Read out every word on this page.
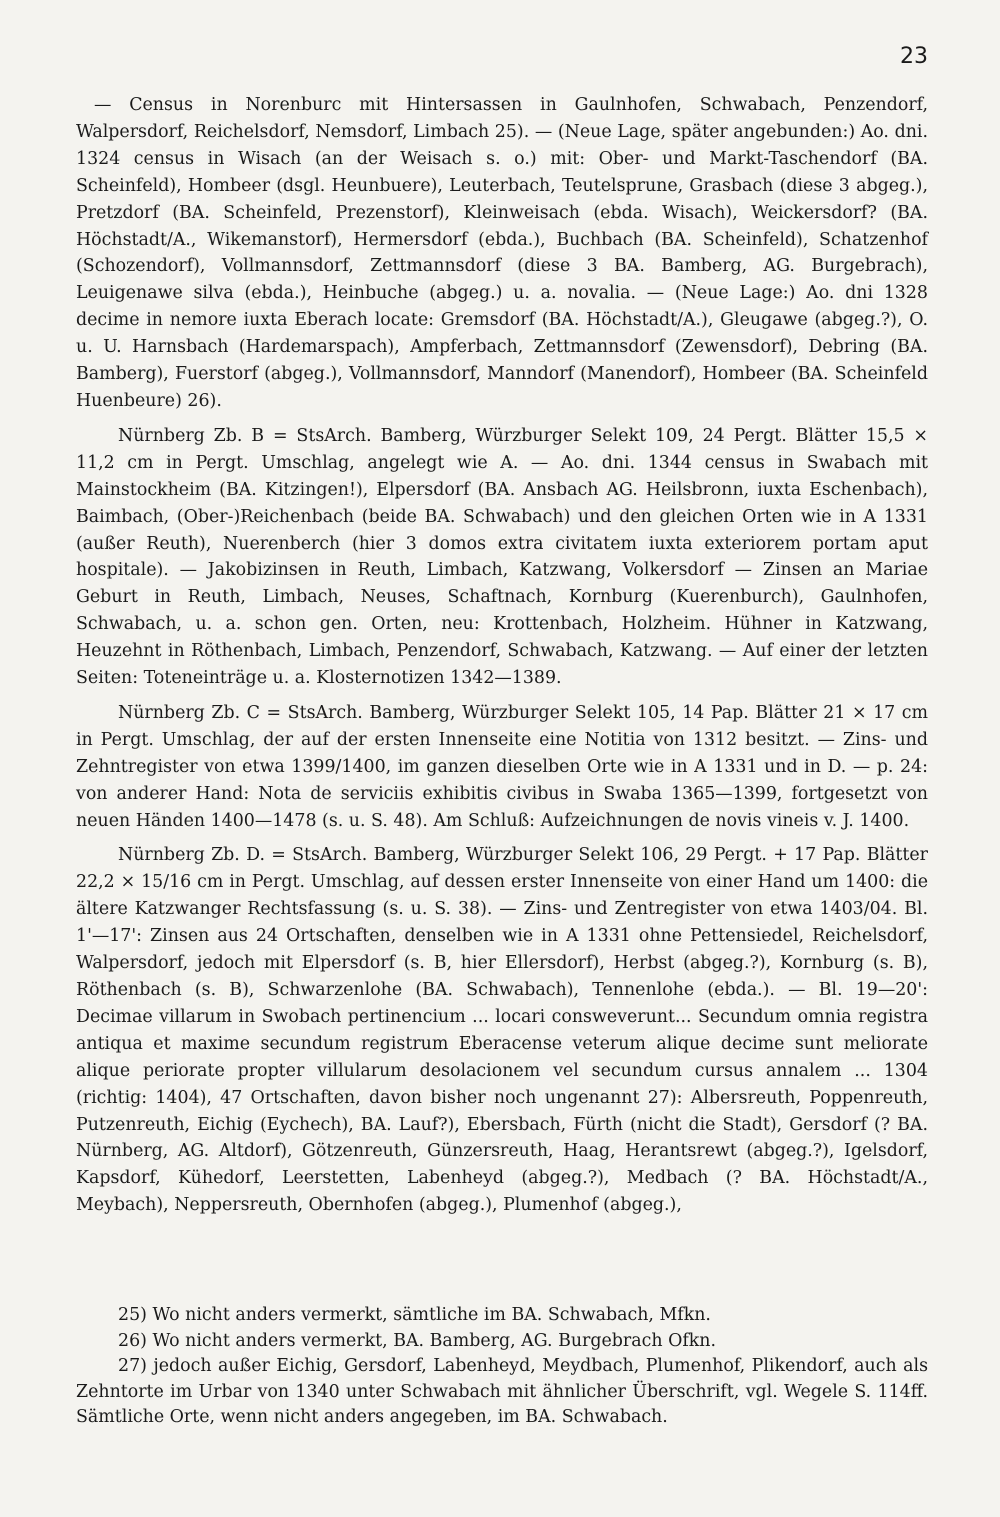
23

— Census in Norenburc mit Hintersassen in Gaulnhofen, Schwabach, Penzendorf, Walpersdorf, Reichelsdorf, Nemsdorf, Limbach 25). — (Neue Lage, später angebunden:) Ao. dni. 1324 census in Wisach (an der Weisach s. o.) mit: Ober- und Markt-Taschendorf (BA. Scheinfeld), Hombeer (dsgl. Heunbuere), Leuterbach, Teutelsprune, Grasbach (diese 3 abgeg.), Pretzdorf (BA. Scheinfeld, Prezenstorf), Kleinweisach (ebda. Wisach), Weickersdorf? (BA. Höchstadt/A., Wikemanstorf), Hermersdorf (ebda.), Buchbach (BA. Scheinfeld), Schatzenhof (Schozendorf), Vollmannsdorf, Zettmannsdorf (diese 3 BA. Bamberg, AG. Burgebrach), Leuigenawe silva (ebda.), Heinbuche (abgeg.) u. a. novalia. — (Neue Lage:) Ao. dni 1328 decime in nemore iuxta Eberach locate: Gremsdorf (BA. Höchstadt/A.), Gleugawe (abgeg.?), O. u. U. Harnsbach (Hardemarspach), Ampferbach, Zettmannsdorf (Zewensdorf), Debring (BA. Bamberg), Fuerstorf (abgeg.), Vollmannsdorf, Manndorf (Manendorf), Hombeer (BA. Scheinfeld Huenbeure) 26).

Nürnberg Zb. B = StsArch. Bamberg, Würzburger Selekt 109, 24 Pergt. Blätter 15,5 × 11,2 cm in Pergt. Umschlag, angelegt wie A. — Ao. dni. 1344 census in Swabach mit Mainstockheim (BA. Kitzingen!), Elpersdorf (BA. Ansbach AG. Heilsbronn, iuxta Eschenbach), Baimbach, (Ober-)Reichenbach (beide BA. Schwabach) und den gleichen Orten wie in A 1331 (außer Reuth), Nuerenberch (hier 3 domos extra civitatem iuxta exteriorem portam aput hospitale). — Jakobizinsen in Reuth, Limbach, Katzwang, Volkersdorf — Zinsen an Mariae Geburt in Reuth, Limbach, Neuses, Schaftnach, Kornburg (Kuerenburch), Gaulnhofen, Schwabach, u. a. schon gen. Orten, neu: Krottenbach, Holzheim. Hühner in Katzwang, Heuzehnt in Röthenbach, Limbach, Penzendorf, Schwabach, Katzwang. — Auf einer der letzten Seiten: Toteneinträge u. a. Klosternotizen 1342—1389.

Nürnberg Zb. C = StsArch. Bamberg, Würzburger Selekt 105, 14 Pap. Blätter 21 × 17 cm in Pergt. Umschlag, der auf der ersten Innenseite eine Notitia von 1312 besitzt. — Zins- und Zehntregister von etwa 1399/1400, im ganzen dieselben Orte wie in A 1331 und in D. — p. 24: von anderer Hand: Nota de serviciis exhibitis civibus in Swaba 1365—1399, fortgesetzt von neuen Händen 1400—1478 (s. u. S. 48). Am Schluß: Aufzeichnungen de novis vineis v. J. 1400.

Nürnberg Zb. D. = StsArch. Bamberg, Würzburger Selekt 106, 29 Pergt. + 17 Pap. Blätter 22,2 × 15/16 cm in Pergt. Umschlag, auf dessen erster Innenseite von einer Hand um 1400: die ältere Katzwanger Rechtsfassung (s. u. S. 38). — Zins- und Zentregister von etwa 1403/04. Bl. 1'—17': Zinsen aus 24 Ortschaften, denselben wie in A 1331 ohne Pettensiedel, Reichelsdorf, Walpersdorf, jedoch mit Elpersdorf (s. B, hier Ellersdorf), Herbst (abgeg.?), Kornburg (s. B), Röthenbach (s. B), Schwarzenlohe (BA. Schwabach), Tennenlohe (ebda.). — Bl. 19—20': Decimae villarum in Swobach pertinencium ... locari consweverunt... Secundum omnia registra antiqua et maxime secundum registrum Eberacense veterum alique decime sunt meliorate alique periorate propter villularum desolacionem vel secundum cursus annalem ... 1304 (richtig: 1404), 47 Ortschaften, davon bisher noch ungenannt 27): Albersreuth, Poppenreuth, Putzenreuth, Eichig (Eychech), BA. Lauf?), Ebersbach, Fürth (nicht die Stadt), Gersdorf (? BA. Nürnberg, AG. Altdorf), Götzenreuth, Günzersreuth, Haag, Herantsrewt (abgeg.?), Igelsdorf, Kapsdorf, Kühedorf, Leerstetten, Labenheyd (abgeg.?), Medbach (? BA. Höchstadt/A., Meybach), Neppersreuth, Obernhofen (abgeg.), Plumenhof (abgeg.),

25) Wo nicht anders vermerkt, sämtliche im BA. Schwabach, Mfkn.

26) Wo nicht anders vermerkt, BA. Bamberg, AG. Burgebrach Ofkn.

27) jedoch außer Eichig, Gersdorf, Labenheyd, Meydbach, Plumenhof, Plikendorf, auch als Zehntorte im Urbar von 1340 unter Schwabach mit ähnlicher Überschrift, vgl. Wegele S. 114ff. Sämtliche Orte, wenn nicht anders angegeben, im BA. Schwabach.
